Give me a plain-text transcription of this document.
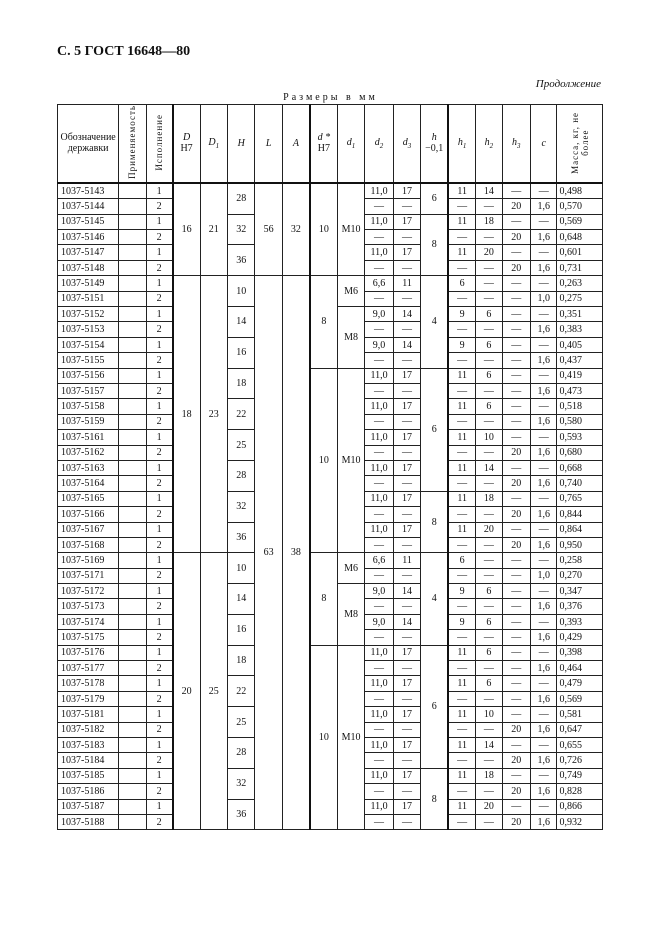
С. 5 ГОСТ 16648—80
Продолжение
Размеры в мм
Обозначение державки	Применяемость	Исполнение	D
H7	$D_1$	H	L	A	d *
H7	$d_1$	$d_2$	$d_3$	h
−0,1	$h_1$	$h_2$	$h_3$	c	Масса, кг, не более
1037-5143		1	16	21	28	56	32	10	M10	11,0	17	6	11	14	—	—	0,498
1037-5144		2								—	—		—	—	20	1,6	0,570
1037-5145		1			32					11,0	17	8	11	18	—	—	0,569
1037-5146		2								—	—		—	—	20	1,6	0,648
1037-5147		1			36					11,0	17		11	20	—	—	0,601
1037-5148		2								—	—		—	—	20	1,6	0,731
1037-5149		1	18	23	10	63	38	8	M6	6,6	11	4	6	—	—	—	0,263
1037-5151		2								—	—		—	—	—	1,0	0,275
1037-5152		1			14				M8	9,0	14		9	6	—	—	0,351
1037-5153		2								—	—		—	—	—	1,6	0,383
1037-5154		1			16					9,0	14		9	6	—	—	0,405
1037-5155		2								—	—		—	—	—	1,6	0,437
1037-5156		1			18			10	M10	11,0	17	6	11	6	—	—	0,419
1037-5157		2								—	—		—	—	—	1,6	0,473
1037-5158		1			22					11,0	17		11	6	—	—	0,518
1037-5159		2								—	—		—	—	—	1,6	0,580
1037-5161		1			25					11,0	17		11	10	—	—	0,593
1037-5162		2								—	—		—	—	20	1,6	0,680
1037-5163		1			28					11,0	17		11	14	—	—	0,668
1037-5164		2								—	—		—	—	20	1,6	0,740
1037-5165		1			32					11,0	17	8	11	18	—	—	0,765
1037-5166		2								—	—		—	—	20	1,6	0,844
1037-5167		1			36					11,0	17		11	20	—	—	0,864
1037-5168		2								—	—		—	—	20	1,6	0,950
1037-5169		1	20	25	10			8	M6	6,6	11	4	6	—	—	—	0,258
1037-5171		2								—	—		—	—	—	1,0	0,270
1037-5172		1			14				M8	9,0	14		9	6	—	—	0,347
1037-5173		2								—	—		—	—	—	1,6	0,376
1037-5174		1			16					9,0	14		9	6	—	—	0,393
1037-5175		2								—	—		—	—	—	1,6	0,429
1037-5176		1			18			10	M10	11,0	17	6	11	6	—	—	0,398
1037-5177		2								—	—		—	—	—	1,6	0,464
1037-5178		1			22					11,0	17		11	6	—	—	0,479
1037-5179		2								—	—		—	—	—	1,6	0,569
1037-5181		1			25					11,0	17		11	10	—	—	0,581
1037-5182		2								—	—		—	—	20	1,6	0,647
1037-5183		1			28					11,0	17		11	14	—	—	0,655
1037-5184		2								—	—		—	—	20	1,6	0,726
1037-5185		1			32					11,0	17	8	11	18	—	—	0,749
1037-5186		2								—	—		—	—	20	1,6	0,828
1037-5187		1			36					11,0	17		11	20	—	—	0,866
1037-5188		2								—	—		—	—	20	1,6	0,932
